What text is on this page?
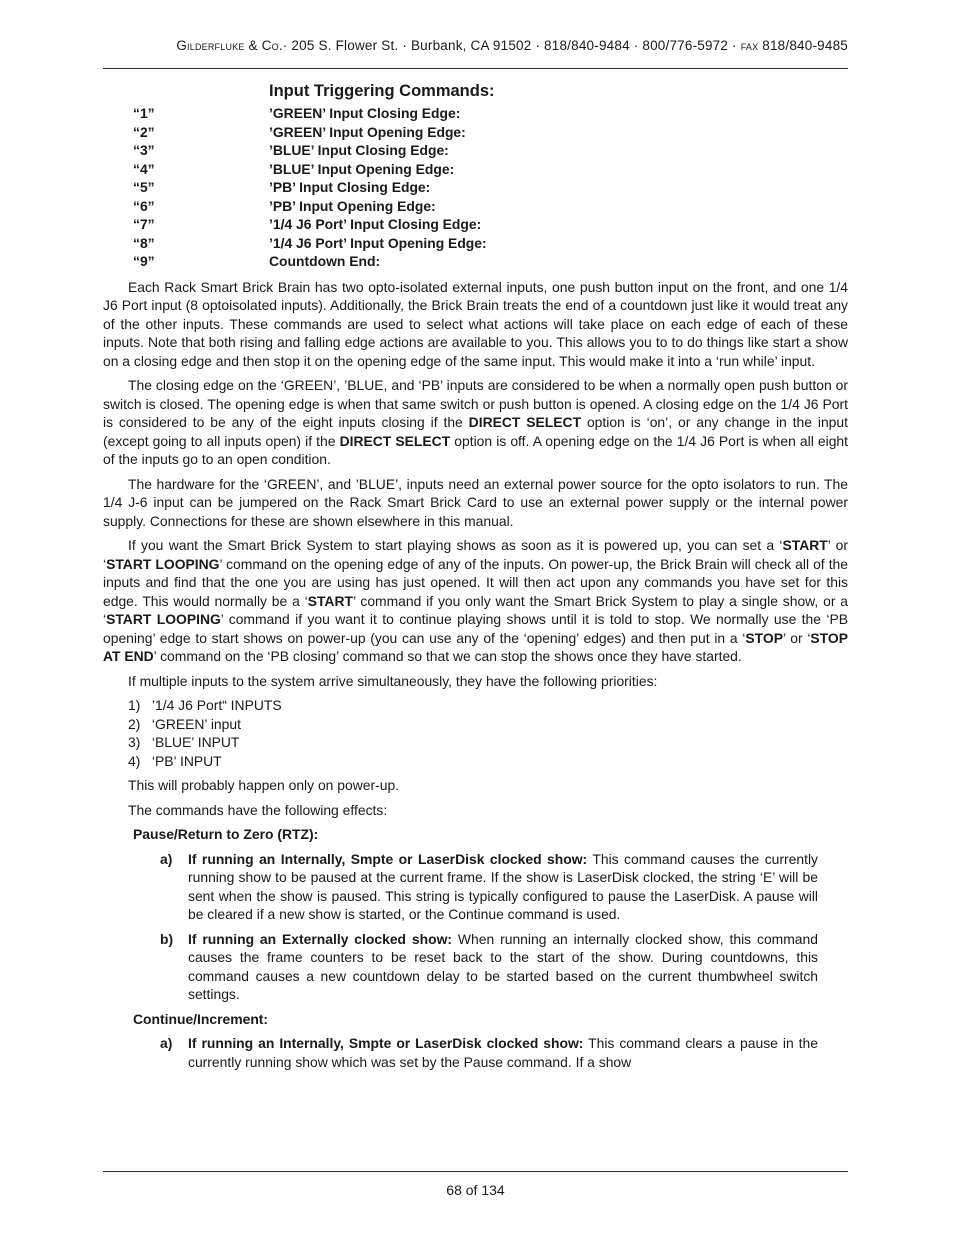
Gilderfluke & Co.· 205 S. Flower St. · Burbank, CA 91502 · 818/840-9484 · 800/776-5972 · fax 818/840-9485
Input Triggering Commands:
“1”	’GREEN’ Input Closing Edge:
“2”	’GREEN’ Input Opening Edge:
“3”	’BLUE’ Input Closing Edge:
“4”	’BLUE’ Input Opening Edge:
“5”	’PB’ Input Closing Edge:
“6”	’PB’ Input Opening Edge:
“7”	’1/4 J6 Port’ Input Closing Edge:
“8”	’1/4 J6 Port’ Input Opening Edge:
“9”	Countdown End:

Each Rack Smart Brick Brain has two opto-isolated external inputs, one push button input on the front, and one 1/4 J6 Port input (8 optoisolated inputs). Additionally, the Brick Brain treats the end of a countdown just like it would treat any of the other inputs. These commands are used to select what actions will take place on each edge of each of these inputs. Note that both rising and falling edge actions are available to you. This allows you to to do things like start a show on a closing edge and then stop it on the opening edge of the same input. This would make it into a ‘run while’ input.

The closing edge on the ‘GREEN’, ’BLUE, and ‘PB’ inputs are considered to be when a normally open push button or switch is closed. The opening edge is when that same switch or push button is opened. A closing edge on the 1/4 J6 Port is considered to be any of the eight inputs closing if the DIRECT SELECT option is ‘on’, or any change in the input (except going to all inputs open) if the DIRECT SELECT option is off. A opening edge on the 1/4 J6 Port is when all eight of the inputs go to an open condition.

The hardware for the ‘GREEN’, and ’BLUE’, inputs need an external power source for the opto isolators to run. The 1/4 J-6 input can be jumpered on the Rack Smart Brick Card to use an external power supply or the internal power supply. Connections for these are shown elsewhere in this manual.

If you want the Smart Brick System to start playing shows as soon as it is powered up, you can set a ‘START’ or ‘START LOOPING’ command on the opening edge of any of the inputs. On power-up, the Brick Brain will check all of the inputs and find that the one you are using has just opened. It will then act upon any commands you have set for this edge. This would normally be a ‘START’ command if you only want the Smart Brick System to play a single show, or a ‘START LOOPING’ command if you want it to continue playing shows until it is told to stop. We normally use the ‘PB opening’ edge to start shows on power-up (you can use any of the ‘opening’ edges) and then put in a ‘STOP’ or ‘STOP AT END’ command on the ‘PB closing’ command so that we can stop the shows once they have started.

If multiple inputs to the system arrive simultaneously, they have the following priorities:

1)   ’1/4 J6 Port“ INPUTS
2)   ‘GREEN’ input
3)   ‘BLUE’ INPUT
4)   ‘PB’ INPUT

This will probably happen only on power-up.

The commands have the following effects:

Pause/Return to Zero (RTZ):
a)	If running an Internally, Smpte or LaserDisk clocked show: This command causes the currently running show to be paused at the current frame. If the show is LaserDisk clocked, the string ‘E’ will be sent when the show is paused. This string is typically configured to pause the LaserDisk. A pause will be cleared if a new show is started, or the Continue command is used.
b)	If running an Externally clocked show: When running an internally clocked show, this command causes the frame counters to be reset back to the start of the show. During countdowns, this command causes a new countdown delay to be started based on the current thumbwheel switch settings.
Continue/Increment:
a)	If running an Internally, Smpte or LaserDisk clocked show: This command clears a pause in the currently running show which was set by the Pause command. If a show
68 of 134
